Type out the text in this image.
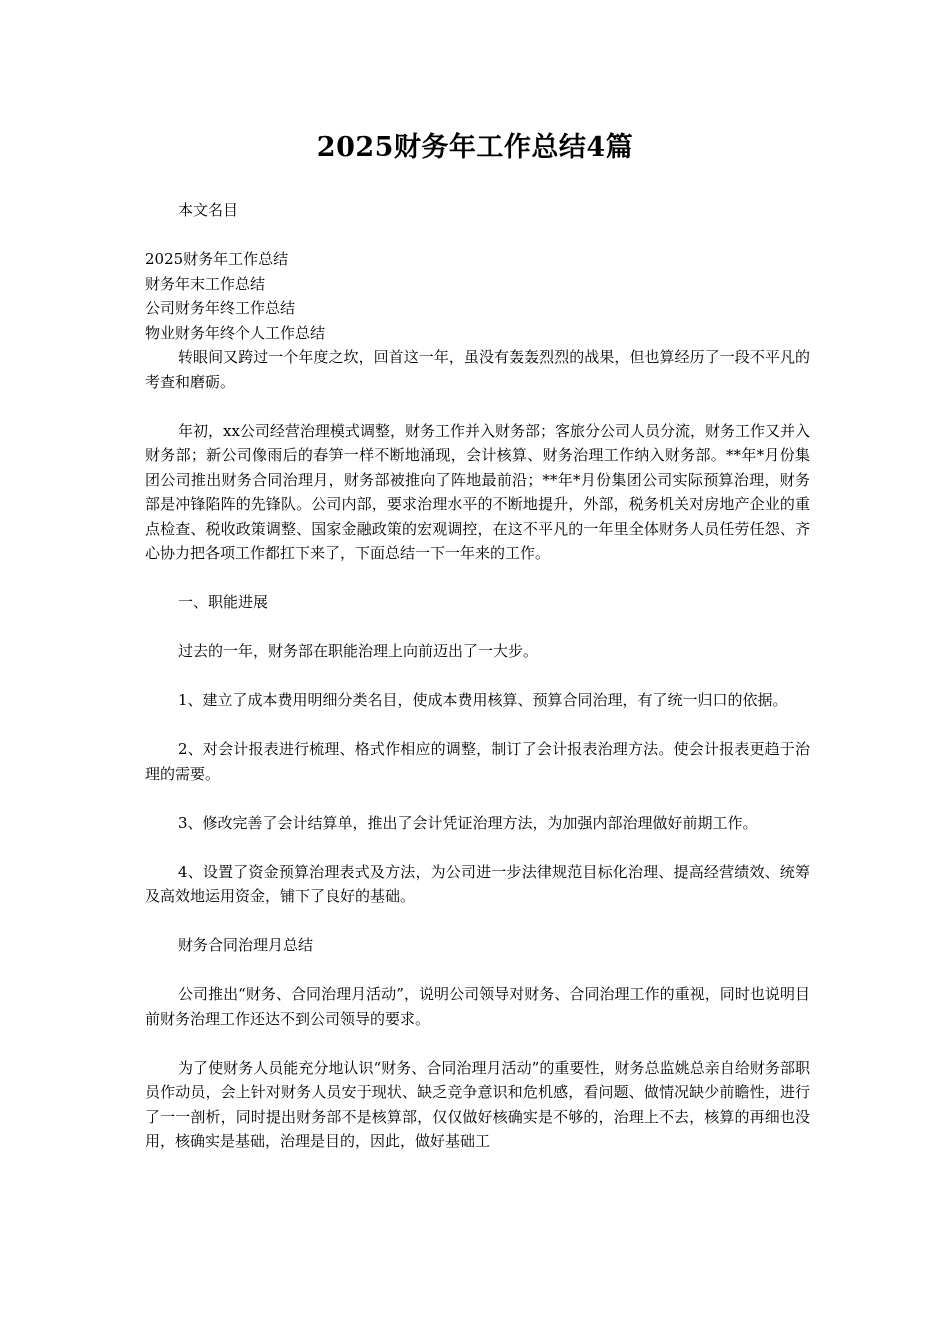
2025财务年工作总结4篇

本文名目

2025财务年工作总结

财务年末工作总结

公司财务年终工作总结

物业财务年终个人工作总结

转眼间又跨过一个年度之坎，回首这一年，虽没有轰轰烈烈的战果，但也算经历了一段不平凡的考查和磨砺。

年初，xx公司经营治理模式调整，财务工作并入财务部；客旅分公司人员分流，财务工作又并入财务部；新公司像雨后的春笋一样不断地涌现，会计核算、财务治理工作纳入财务部。**年*月份集团公司推出财务合同治理月，财务部被推向了阵地最前沿；**年*月份集团公司实际预算治理，财务部是冲锋陷阵的先锋队。公司内部，要求治理水平的不断地提升，外部，税务机关对房地产企业的重点检查、税收政策调整、国家金融政策的宏观调控，在这不平凡的一年里全体财务人员任劳任怨、齐心协力把各项工作都扛下来了，下面总结一下一年来的工作。

一、职能进展

过去的一年，财务部在职能治理上向前迈出了一大步。

1、建立了成本费用明细分类名目，使成本费用核算、预算合同治理，有了统一归口的依据。

2、对会计报表进行梳理、格式作相应的调整，制订了会计报表治理方法。使会计报表更趋于治理的需要。

3、修改完善了会计结算单，推出了会计凭证治理方法，为加强内部治理做好前期工作。

4、设置了资金预算治理表式及方法，为公司进一步法律规范目标化治理、提高经营绩效、统筹及高效地运用资金，铺下了良好的基础。

财务合同治理月总结

公司推出“财务、合同治理月活动”，说明公司领导对财务、合同治理工作的重视，同时也说明目前财务治理工作还达不到公司领导的要求。

为了使财务人员能充分地认识“财务、合同治理月活动”的重要性，财务总监姚总亲自给财务部职员作动员，会上针对财务人员安于现状、缺乏竞争意识和危机感，看问题、做情况缺少前瞻性，进行了一一剖析，同时提出财务部不是核算部，仅仅做好核确实是不够的，治理上不去，核算的再细也没用，核确实是基础，治理是目的，因此，做好基础工
